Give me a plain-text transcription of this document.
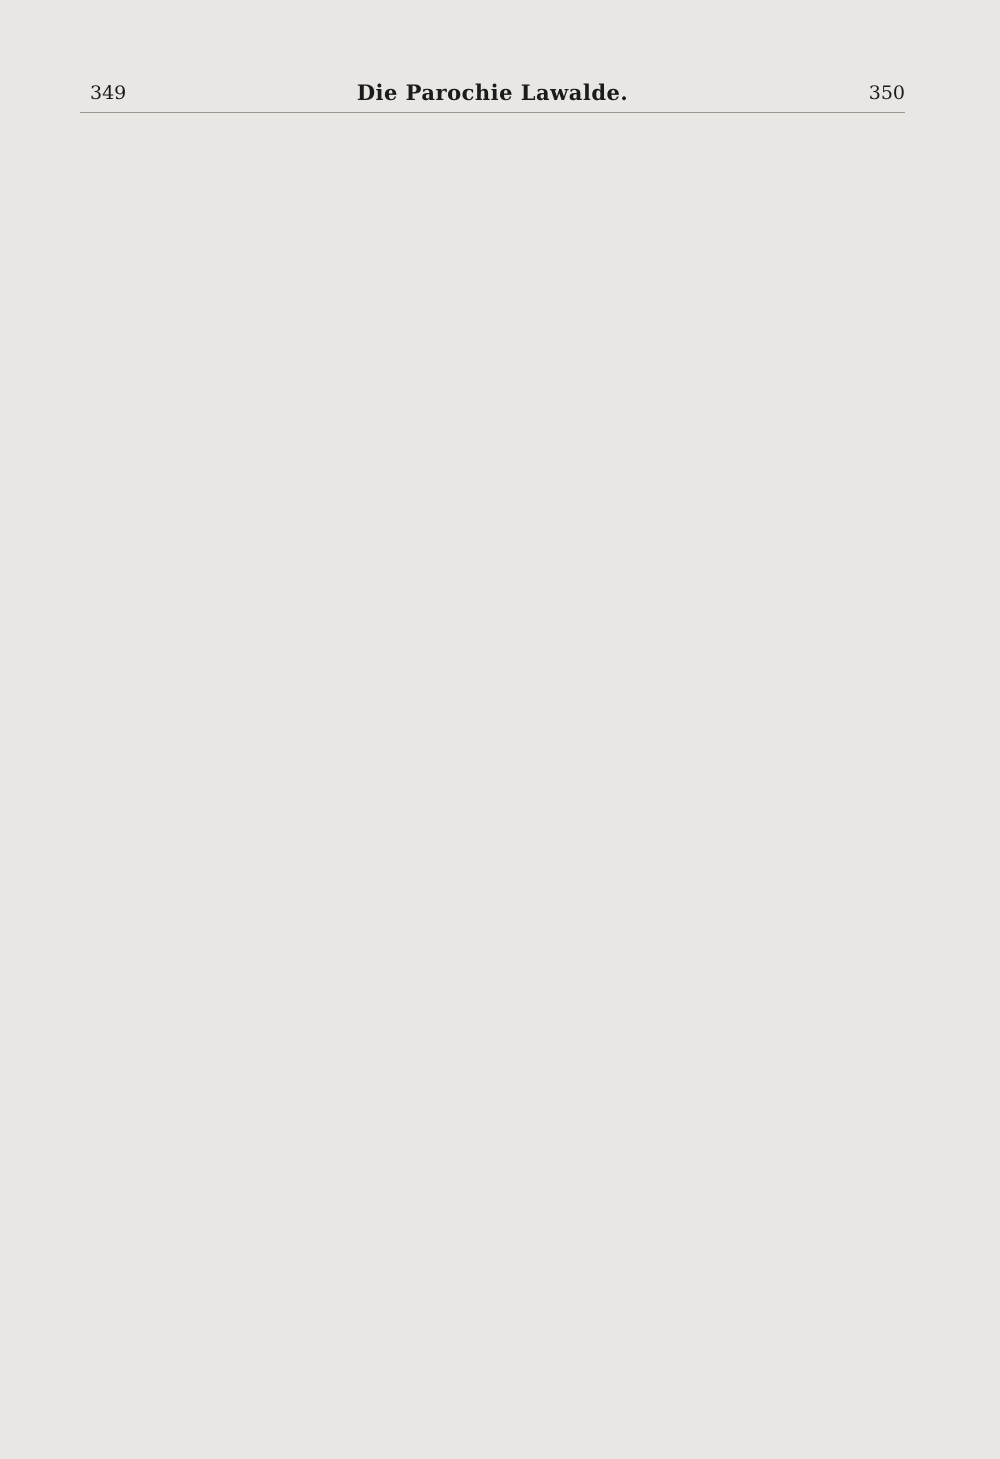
349	Die Parochie Lawalde.	350
